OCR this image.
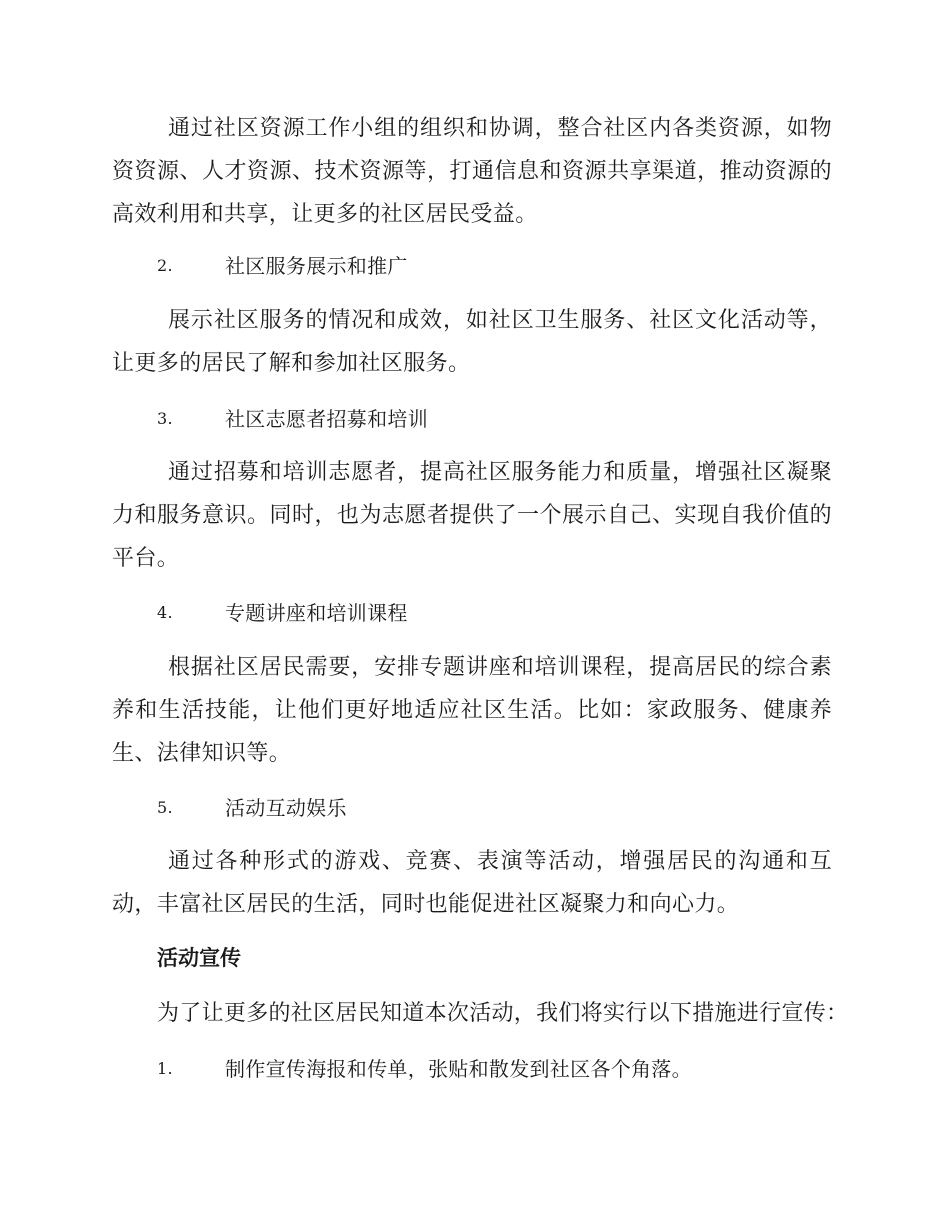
通过社区资源工作小组的组织和协调，整合社区内各类资源，如物资资源、人才资源、技术资源等，打通信息和资源共享渠道，推动资源的高效利用和共享，让更多的社区居民受益。

2.	社区服务展示和推广

展示社区服务的情况和成效，如社区卫生服务、社区文化活动等，让更多的居民了解和参加社区服务。

3.	社区志愿者招募和培训

通过招募和培训志愿者，提高社区服务能力和质量，增强社区凝聚力和服务意识。同时，也为志愿者提供了一个展示自己、实现自我价值的平台。

4.	专题讲座和培训课程

根据社区居民需要，安排专题讲座和培训课程，提高居民的综合素养和生活技能，让他们更好地适应社区生活。比如：家政服务、健康养生、法律知识等。

5.	活动互动娱乐

通过各种形式的游戏、竞赛、表演等活动，增强居民的沟通和互动，丰富社区居民的生活，同时也能促进社区凝聚力和向心力。

活动宣传

为了让更多的社区居民知道本次活动，我们将实行以下措施进行宣传：

1.	制作宣传海报和传单，张贴和散发到社区各个角落。
